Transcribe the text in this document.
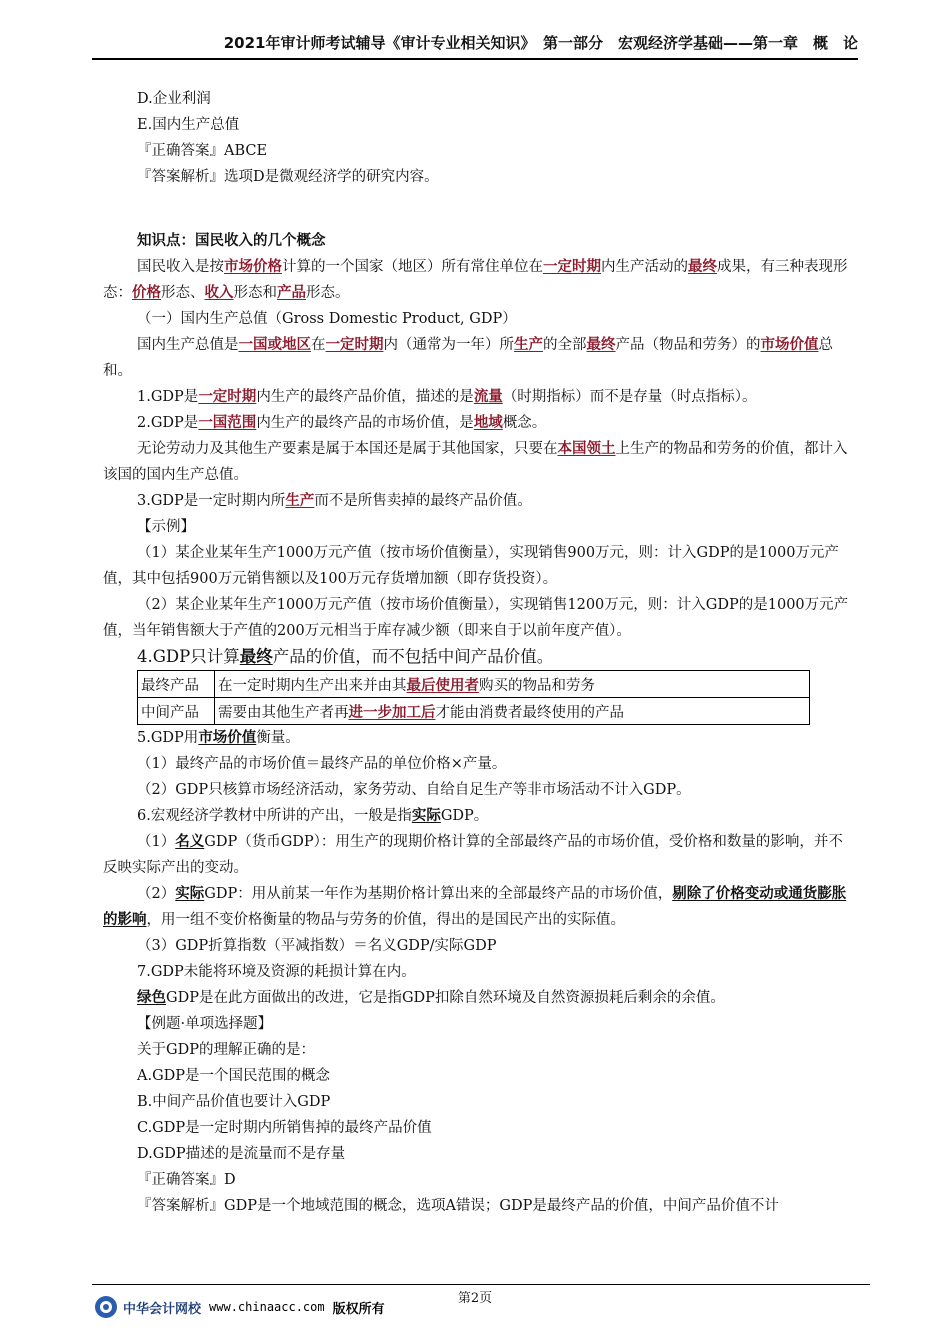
2021年审计师考试辅导《审计专业相关知识》　第一部分　宏观经济学基础——第一章　概　论
D.企业利润
E.国内生产总值
『正确答案』ABCE
『答案解析』选项D是微观经济学的研究内容。
知识点：国民收入的几个概念
国民收入是按市场价格计算的一个国家（地区）所有常住单位在一定时期内生产活动的最终成果，有三种表现形态：价格形态、收入形态和产品形态。
（一）国内生产总值（Gross Domestic Product, GDP）
国内生产总值是一国或地区在一定时期内（通常为一年）所生产的全部最终产品（物品和劳务）的市场价值总和。
1.GDP是一定时期内生产的最终产品价值，描述的是流量（时期指标）而不是存量（时点指标）。
2.GDP是一国范围内生产的最终产品的市场价值，是地域概念。
无论劳动力及其他生产要素是属于本国还是属于其他国家，只要在本国领土上生产的物品和劳务的价值，都计入该国的国内生产总值。
3.GDP是一定时期内所生产而不是所售卖掉的最终产品价值。
【示例】
（1）某企业某年生产1000万元产值（按市场价值衡量），实现销售900万元，则：计入GDP的是1000万元产值，其中包括900万元销售额以及100万元存货增加额（即存货投资）。
（2）某企业某年生产1000万元产值（按市场价值衡量），实现销售1200万元，则：计入GDP的是1000万元产值，当年销售额大于产值的200万元相当于库存减少额（即来自于以前年度产值）。
4.GDP只计算最终产品的价值，而不包括中间产品价值。
最终产品	在一定时期内生产出来并由其最后使用者购买的物品和劳务
中间产品	需要由其他生产者再进一步加工后才能由消费者最终使用的产品
5.GDP用市场价值衡量。
（1）最终产品的市场价值＝最终产品的单位价格×产量。
（2）GDP只核算市场经济活动，家务劳动、自给自足生产等非市场活动不计入GDP。
6.宏观经济学教材中所讲的产出，一般是指实际GDP。
（1）名义GDP（货币GDP）：用生产的现期价格计算的全部最终产品的市场价值，受价格和数量的影响，并不反映实际产出的变动。
（2）实际GDP：用从前某一年作为基期价格计算出来的全部最终产品的市场价值，剔除了价格变动或通货膨胀的影响，用一组不变价格衡量的物品与劳务的价值，得出的是国民产出的实际值。
（3）GDP折算指数（平减指数）＝名义GDP/实际GDP
7.GDP未能将环境及资源的耗损计算在内。
绿色GDP是在此方面做出的改进，它是指GDP扣除自然环境及自然资源损耗后剩余的余值。
【例题·单项选择题】
关于GDP的理解正确的是：
A.GDP是一个国民范围的概念
B.中间产品价值也要计入GDP
C.GDP是一定时期内所销售掉的最终产品价值
D.GDP描述的是流量而不是存量
『正确答案』D
『答案解析』GDP是一个地域范围的概念，选项A错误；GDP是最终产品的价值，中间产品价值不计
第2页
中华会计网校 www.chinaacc.com 版权所有
